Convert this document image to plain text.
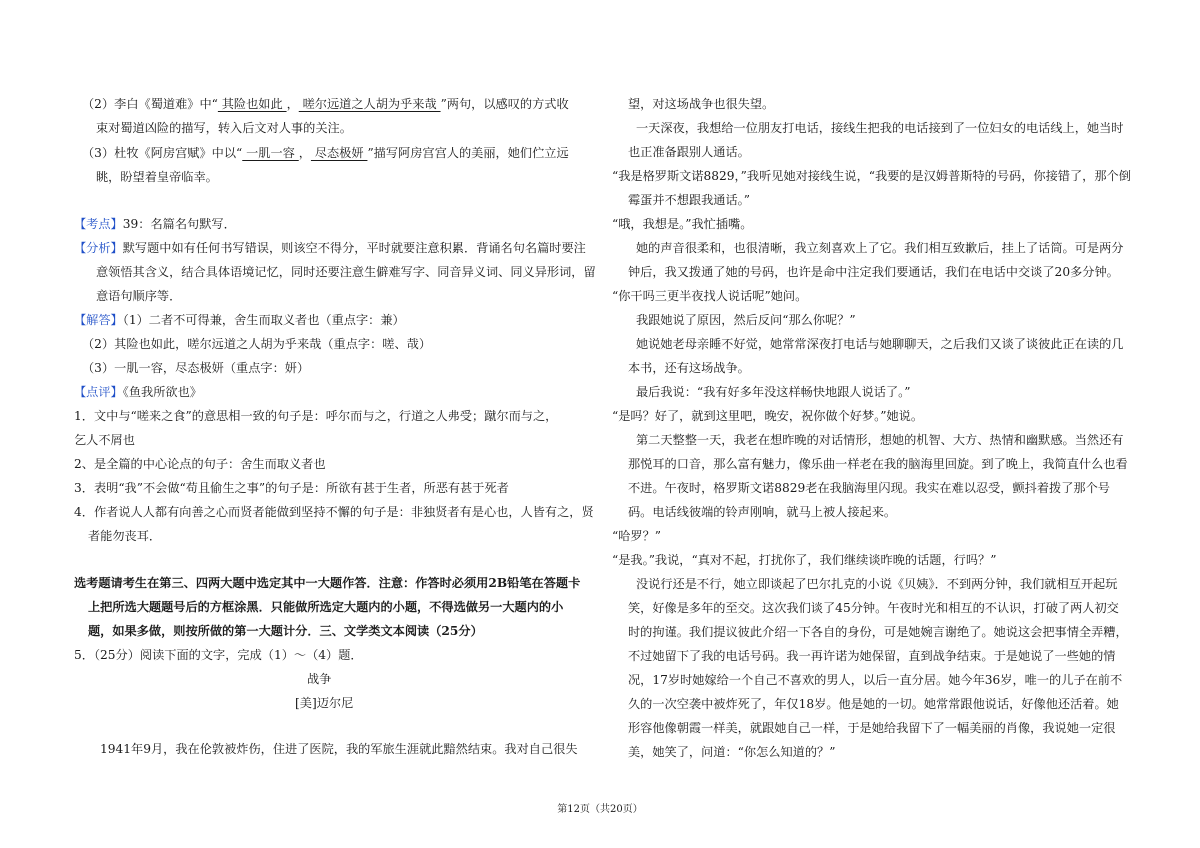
（2）李白《蜀道难》中“ 其险也如此 ， 嗟尔远道之人胡为乎来哉 ”两句，以感叹的方式收
束对蜀道凶险的描写，转入后文对人事的关注。
（3）杜牧《阿房宫赋》中以“ 一肌一容 ， 尽态极妍 ”描写阿房宫宫人的美丽，她们伫立远
眺，盼望着皇帝临幸。
【考点】39：名篇名句默写．
【分析】默写题中如有任何书写错误，则该空不得分，平时就要注意积累．背诵名句名篇时要注
意领悟其含义，结合具体语境记忆，同时还要注意生僻难写字、同音异义词、同义异形词，留
意语句顺序等．
【解答】（1）二者不可得兼，舍生而取义者也（重点字：兼）
（2）其险也如此，嗟尔远道之人胡为乎来哉（重点字：嗟、哉）
（3）一肌一容，尽态极妍（重点字：妍）
【点评】《鱼我所欲也》
1．文中与“嗟来之食”的意思相一致的句子是：呼尔而与之，行道之人弗受；蹴尔而与之，
乞人不屑也
2、是全篇的中心论点的句子：舍生而取义者也
3．表明“我”不会做“苟且偷生之事”的句子是：所欲有甚于生者，所恶有甚于死者
4．作者说人人都有向善之心而贤者能做到坚持不懈的句子是：非独贤者有是心也，人皆有之，贤
者能勿丧耳．
选考题请考生在第三、四两大题中选定其中一大题作答．注意：作答时必须用2B铅笔在答题卡
上把所选大题题号后的方框涂黑．只能做所选定大题内的小题，不得选做另一大题内的小
题，如果多做，则按所做的第一大题计分．三、文学类文本阅读（25分）
5．（25分）阅读下面的文字，完成（1）～（4）题．
战争
[美]迈尔尼
1941年9月，我在伦敦被炸伤，住进了医院，我的军旅生涯就此黯然结束。我对自己很失
望，对这场战争也很失望。
一天深夜，我想给一位朋友打电话，接线生把我的电话接到了一位妇女的电话线上，她当时
也正准备跟别人通话。
“我是格罗斯文诺8829，”我听见她对接线生说，“我要的是汉姆普斯特的号码，你接错了，那个倒
霉蛋并不想跟我通话。”
“哦，我想是。”我忙插嘴。
她的声音很柔和，也很清晰，我立刻喜欢上了它。我们相互致歉后，挂上了话筒。可是两分
钟后，我又拨通了她的号码，也许是命中注定我们要通话，我们在电话中交谈了20多分钟。
“你干吗三更半夜找人说话呢”她问。
我跟她说了原因，然后反问“那么你呢？”
她说她老母亲睡不好觉，她常常深夜打电话与她聊聊天，之后我们又谈了谈彼此正在读的几
本书，还有这场战争。
最后我说：“我有好多年没这样畅快地跟人说话了。”
“是吗？好了，就到这里吧，晚安，祝你做个好梦。”她说。
第二天整整一天，我老在想昨晚的对话情形，想她的机智、大方、热情和幽默感。当然还有
那悦耳的口音，那么富有魅力，像乐曲一样老在我的脑海里回旋。到了晚上，我简直什么也看
不进。午夜时，格罗斯文诺8829老在我脑海里闪现。我实在难以忍受，颤抖着拨了那个号
码。电话线彼端的铃声刚响，就马上被人接起来。
“哈罗？”
“是我。”我说，“真对不起，打扰你了，我们继续谈昨晚的话题，行吗？”
没说行还是不行，她立即谈起了巴尔扎克的小说《贝姨》．不到两分钟，我们就相互开起玩
笑，好像是多年的至交。这次我们谈了45分钟。午夜时光和相互的不认识，打破了两人初交
时的拘谨。我们提议彼此介绍一下各自的身份，可是她婉言谢绝了。她说这会把事情全弄糟，
不过她留下了我的电话号码。我一再许诺为她保留，直到战争结束。于是她说了一些她的情
况，17岁时她嫁给一个自己不喜欢的男人，以后一直分居。她今年36岁，唯一的儿子在前不
久的一次空袭中被炸死了，年仅18岁。他是她的一切。她常常跟他说话，好像他还活着。她
形容他像朝霞一样美，就跟她自己一样，于是她给我留下了一幅美丽的肖像，我说她一定很
美，她笑了，问道：“你怎么知道的？”
第12页（共20页）
